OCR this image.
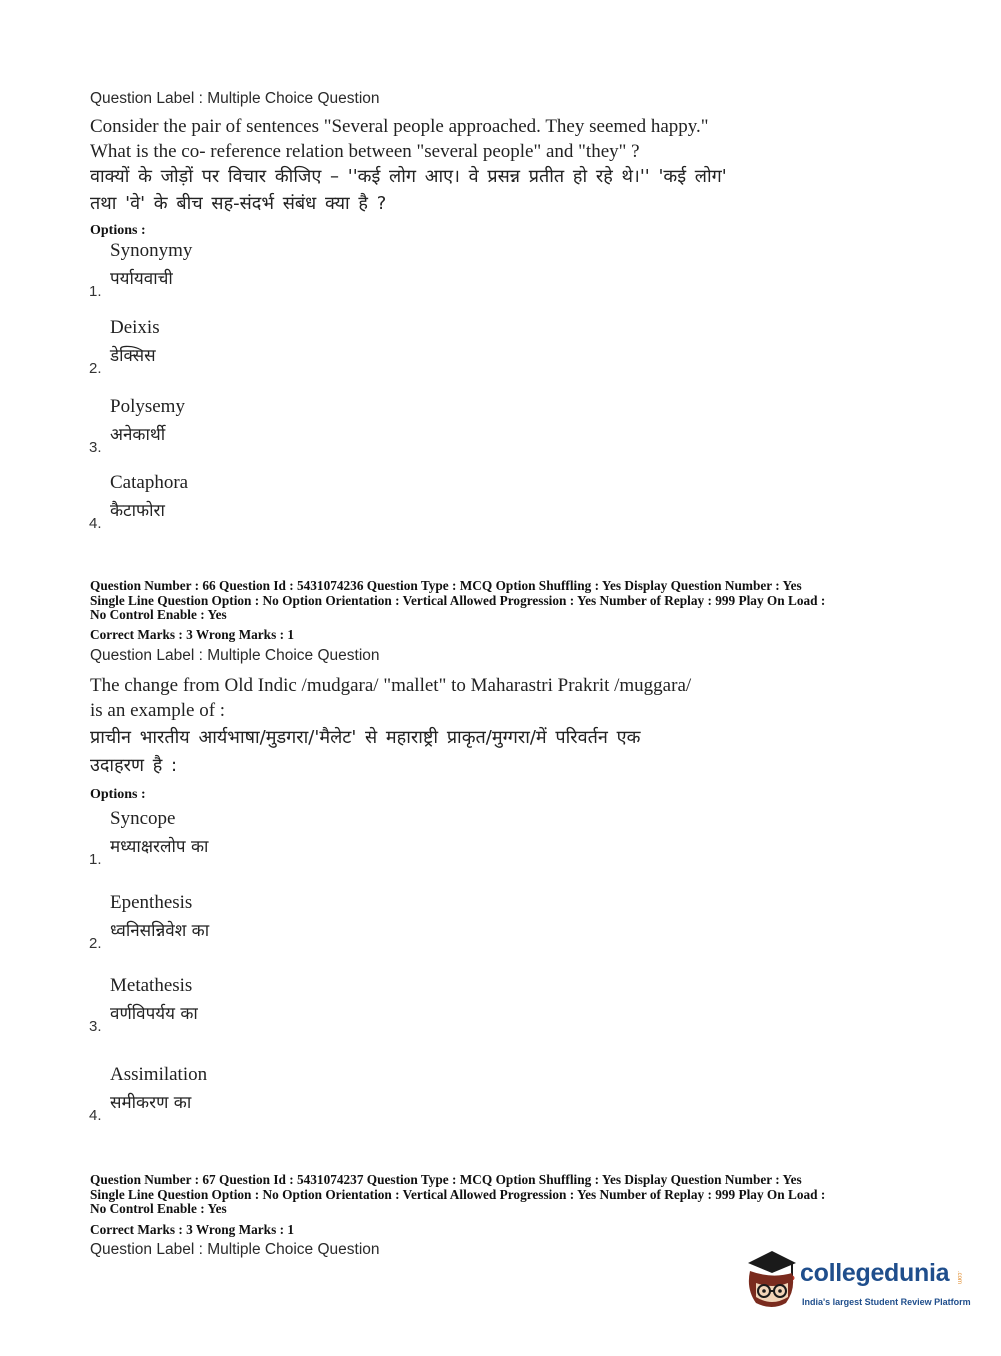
Question Label : Multiple Choice Question
Consider the pair of sentences "Several people approached. They seemed happy."
What is the co- reference relation between "several people" and "they" ?
वाक्यों के जोड़ों पर विचार कीजिए – ''कई लोग आए। वे प्रसन्न प्रतीत हो रहे थे।'' 'कई लोग'
तथा 'वे' के बीच सह-संदर्भ संबंध क्या है ?
Options :
Synonymy
पर्यायवाची
1.
Deixis
डेक्सिस
2.
Polysemy
अनेकार्थी
3.
Cataphora
कैटाफोरा
4.
Question Number : 66 Question Id : 5431074236 Question Type : MCQ Option Shuffling : Yes Display Question Number : Yes
Single Line Question Option : No Option Orientation : Vertical Allowed Progression : Yes Number of Replay : 999 Play On Load :
No Control Enable : Yes
Correct Marks : 3 Wrong Marks : 1
Question Label : Multiple Choice Question
The change from Old Indic /mudgara/ "mallet" to Maharastri Prakrit /muggara/
is an example of :
प्राचीन भारतीय आर्यभाषा/मुडगरा/'मैलेट' से महाराष्ट्री प्राकृत/मुग्गरा/में परिवर्तन एक
उदाहरण है :
Options :
Syncope
मध्याक्षरलोप का
1.
Epenthesis
ध्वनिसन्निवेश का
2.
Metathesis
वर्णविपर्यय का
3.
Assimilation
समीकरण का
4.
Question Number : 67 Question Id : 5431074237 Question Type : MCQ Option Shuffling : Yes Display Question Number : Yes
Single Line Question Option : No Option Orientation : Vertical Allowed Progression : Yes Number of Replay : 999 Play On Load :
No Control Enable : Yes
Correct Marks : 3 Wrong Marks : 1
Question Label : Multiple Choice Question
collegedunia .com
India's largest Student Review Platform
